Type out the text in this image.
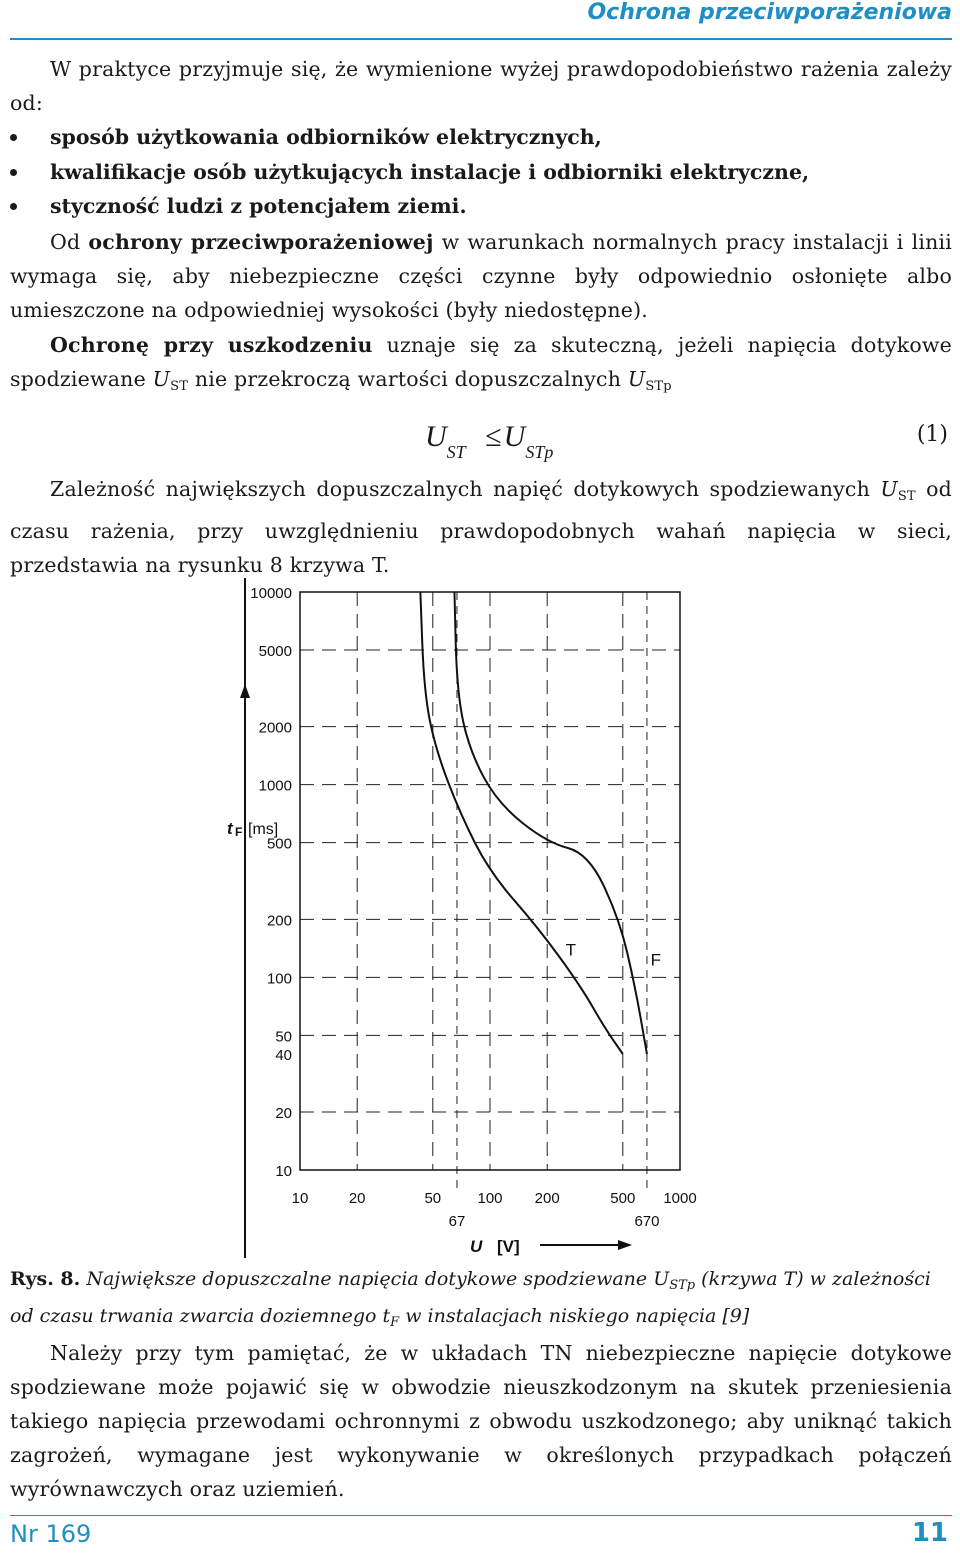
Ochrona przeciwporażeniowa
W praktyce przyjmuje się, że wymienione wyżej prawdopodobieństwo rażenia zależy od:
sposób użytkowania odbiorników elektrycznych,
kwalifikacje osób użytkujących instalacje i odbiorniki elektryczne,
styczność ludzi z potencjałem ziemi.
Od ochrony przeciwporażeniowej w warunkach normalnych pracy instalacji i linii wymaga się, aby niebezpieczne części czynne były odpowiednio osłonięte albo umieszczone na odpowiedniej wysokości (były niedostępne).
Ochronę przy uszkodzeniu uznaje się za skuteczną, jeżeli napięcia dotykowe spodziewane $U_{ST}$ nie przekroczą wartości dopuszczalnych $U_{STp}$
$U_{ST} \le U_{STp}$
(1)
Zależność największych dopuszczalnych napięć dotykowych spodziewanych $U_{ST}$ od czasu rażenia, przy uwzględnieniu prawdopodobnych wahań napięcia w sieci, przedstawia na rysunku 8 krzywa T.
10000
5000
2000
1000
500
200
100
50
40
20
10
10	20	50 100 200	500 1000
67	670
T
F
t F [ms]
U [V]
Rys. 8. Największe dopuszczalne napięcia dotykowe spodziewane $U_{STp}$ (krzywa T) w zależności od czasu trwania zwarcia doziemnego $t_F$ w instalacjach niskiego napięcia [9]
Należy przy tym pamiętać, że w układach TN niebezpieczne napięcie dotykowe spodziewane może pojawić się w obwodzie nieuszkodzonym na skutek przeniesienia takiego napięcia przewodami ochronnymi z obwodu uszkodzonego; aby uniknąć takich zagrożeń, wymagane jest wykonywanie w określonych przypadkach połączeń wyrównawczych oraz uziemień.
Nr 169	11
